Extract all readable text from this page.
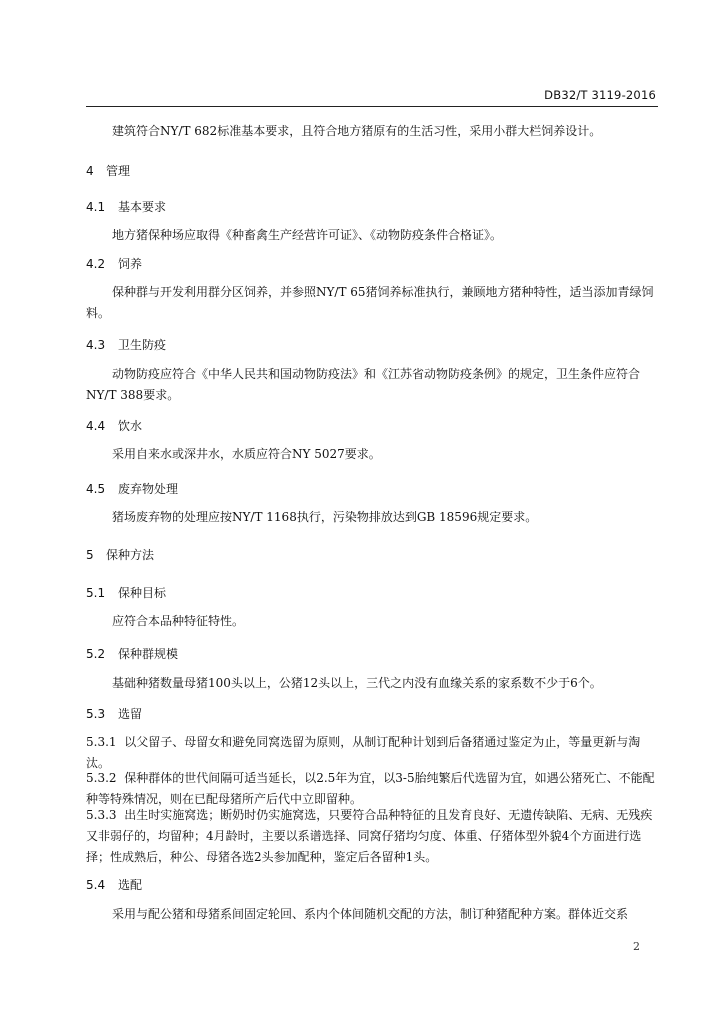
DB32/T 3119-2016
建筑符合NY/T 682标准基本要求，且符合地方猪原有的生活习性，采用小群大栏饲养设计。
4 管理
4.1 基本要求
地方猪保种场应取得《种畜禽生产经营许可证》、《动物防疫条件合格证》。
4.2 饲养
保种群与开发利用群分区饲养，并参照NY/T 65猪饲养标准执行，兼顾地方猪种特性，适当添加青绿饲料。
4.3 卫生防疫
动物防疫应符合《中华人民共和国动物防疫法》和《江苏省动物防疫条例》的规定，卫生条件应符合NY/T 388要求。
4.4 饮水
采用自来水或深井水，水质应符合NY 5027要求。
4.5 废弃物处理
猪场废弃物的处理应按NY/T 1168执行，污染物排放达到GB 18596规定要求。
5 保种方法
5.1 保种目标
应符合本品种特征特性。
5.2 保种群规模
基础种猪数量母猪100头以上，公猪12头以上，三代之内没有血缘关系的家系数不少于6个。
5.3 选留
5.3.1 以父留子、母留女和避免同窝选留为原则，从制订配种计划到后备猪通过鉴定为止，等量更新与淘汰。
5.3.2 保种群体的世代间隔可适当延长，以2.5年为宜，以3-5胎纯繁后代选留为宜，如遇公猪死亡、不能配种等特殊情况，则在已配母猪所产后代中立即留种。
5.3.3 出生时实施窝选；断奶时仍实施窝选，只要符合品种特征的且发育良好、无遗传缺陷、无病、无残疾又非弱仔的，均留种；4月龄时，主要以系谱选择、同窝仔猪均匀度、体重、仔猪体型外貌4个方面进行选择；性成熟后，种公、母猪各选2头参加配种，鉴定后各留种1头。
5.4 选配
采用与配公猪和母猪系间固定轮回、系内个体间随机交配的方法，制订种猪配种方案。群体近交系
2
